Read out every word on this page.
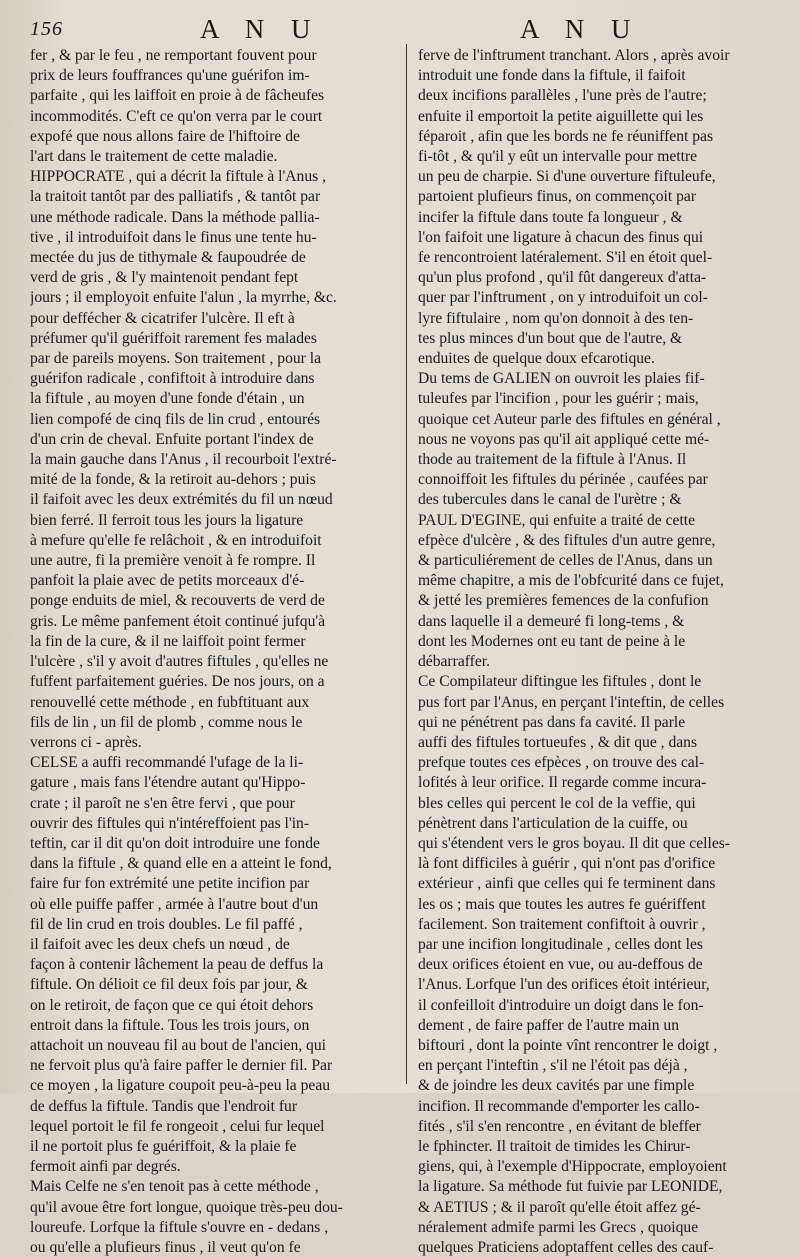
156	A N U	A N U
fer , & par le feu , ne remportant fouvent pour
prix de leurs fouffrances qu'une guérifon im-
parfaite , qui les laiffoit en proie à de fâcheufes
incommodités. C'eft ce qu'on verra par le court
expofé que nous allons faire de l'hiftoire de
l'art dans le traitement de cette maladie.
HIPPOCRATE , qui a décrit la fiftule à l'Anus ,
la traitoit tantôt par des palliatifs , & tantôt par
une méthode radicale. Dans la méthode pallia-
tive , il introduifoit dans le finus une tente hu-
mectée du jus de tithymale & faupoudrée de
verd de gris , & l'y maintenoit pendant fept
jours ; il employoit enfuite l'alun , la myrrhe, &c.
pour deffécher & cicatrifer l'ulcère. Il eft à
préfumer qu'il guériffoit rarement fes malades
par de pareils moyens. Son traitement , pour la
guérifon radicale , confiftoit à introduire dans
la fiftule , au moyen d'une fonde d'étain , un
lien compofé de cinq fils de lin crud , entourés
d'un crin de cheval. Enfuite portant l'index de
la main gauche dans l'Anus , il recourboit l'extré-
mité de la fonde, & la retiroit au-dehors ; puis
il faifoit avec les deux extrémités du fil un nœud
bien ferré. Il ferroit tous les jours la ligature
à mefure qu'elle fe relâchoit , & en introduifoit
une autre, fi la première venoit à fe rompre. Il
panfoit la plaie avec de petits morceaux d'é-
ponge enduits de miel, & recouverts de verd de
gris. Le même panfement étoit continué jufqu'à
la fin de la cure, & il ne laiffoit point fermer
l'ulcère , s'il y avoit d'autres fiftules , qu'elles ne
fuffent parfaitement guéries. De nos jours, on a
renouvellé cette méthode , en fubftituant aux
fils de lin , un fil de plomb , comme nous le
verrons ci - après.
CELSE a auffi recommandé l'ufage de la li-
gature , mais fans l'étendre autant qu'Hippo-
crate ; il paroît ne s'en être fervi , que pour
ouvrir des fiftules qui n'intéreffoient pas l'in-
teftin, car il dit qu'on doit introduire une fonde
dans la fiftule , & quand elle en a atteint le fond,
faire fur fon extrémité une petite incifion par
où elle puiffe paffer , armée à l'autre bout d'un
fil de lin crud en trois doubles. Le fil paffé ,
il faifoit avec les deux chefs un nœud , de
façon à contenir lâchement la peau de deffus la
fiftule. On délioit ce fil deux fois par jour, &
on le retiroit, de façon que ce qui étoit dehors
entroit dans la fiftule. Tous les trois jours, on
attachoit un nouveau fil au bout de l'ancien, qui
ne fervoit plus qu'à faire paffer le dernier fil. Par
ce moyen , la ligature coupoit peu-à-peu la peau
de deffus la fiftule. Tandis que l'endroit fur
lequel portoit le fil fe rongeoit , celui fur lequel
il ne portoit plus fe guériffoit, & la plaie fe
fermoit ainfi par degrés.
Mais Celfe ne s'en tenoit pas à cette méthode ,
qu'il avoue être fort longue, quoique très-peu dou-
loureufe. Lorfque la fiftule s'ouvre en - dedans ,
ou qu'elle a plufieurs finus , il veut qu'on fe
ferve de l'inftrument tranchant. Alors , après avoir
introduit une fonde dans la fiftule, il faifoit
deux incifions parallèles , l'une près de l'autre;
enfuite il emportoit la petite aiguillette qui les
féparoit , afin que les bords ne fe réuniffent pas
fi-tôt , & qu'il y eût un intervalle pour mettre
un peu de charpie. Si d'une ouverture fiftuleufe,
partoient plufieurs finus, on commençoit par
incifer la fiftule dans toute fa longueur , &
l'on faifoit une ligature à chacun des finus qui
fe rencontroient latéralement. S'il en étoit quel-
qu'un plus profond , qu'il fût dangereux d'atta-
quer par l'inftrument , on y introduifoit un col-
lyre fiftulaire , nom qu'on donnoit à des ten-
tes plus minces d'un bout que de l'autre, &
enduites de quelque doux efcarotique.
Du tems de GALIEN on ouvroit les plaies fif-
tuleufes par l'incifion , pour les guérir ; mais,
quoique cet Auteur parle des fiftules en général ,
nous ne voyons pas qu'il ait appliqué cette mé-
thode au traitement de la fiftule à l'Anus. Il
connoiffoit les fiftules du périnée , caufées par
des tubercules dans le canal de l'urètre ; &
PAUL D'EGINE, qui enfuite a traité de cette
efpèce d'ulcère , & des fiftules d'un autre genre,
& particuliérement de celles de l'Anus, dans un
même chapitre, a mis de l'obfcurité dans ce fujet,
& jetté les premières femences de la confufion
dans laquelle il a demeuré fi long-tems , &
dont les Modernes ont eu tant de peine à le
débarraffer.
Ce Compilateur diftingue les fiftules , dont le
pus fort par l'Anus, en perçant l'inteftin, de celles
qui ne pénétrent pas dans fa cavité. Il parle
auffi des fiftules tortueufes , & dit que , dans
prefque toutes ces efpèces , on trouve des cal-
lofités à leur orifice. Il regarde comme incura-
bles celles qui percent le col de la veffie, qui
pénètrent dans l'articulation de la cuiffe, ou
qui s'étendent vers le gros boyau. Il dit que celles-
là font difficiles à guérir , qui n'ont pas d'orifice
extérieur , ainfi que celles qui fe terminent dans
les os ; mais que toutes les autres fe guériffent
facilement. Son traitement confiftoit à ouvrir ,
par une incifion longitudinale , celles dont les
deux orifices étoient en vue, ou au-deffous de
l'Anus. Lorfque l'un des orifices étoit intérieur,
il confeilloit d'introduire un doigt dans le fon-
dement , de faire paffer de l'autre main un
biftouri , dont la pointe vînt rencontrer le doigt ,
en perçant l'inteftin , s'il ne l'étoit pas déjà ,
& de joindre les deux cavités par une fimple
incifion. Il recommande d'emporter les callo-
fités , s'il s'en rencontre , en évitant de bleffer
le fphincter. Il traitoit de timides les Chirur-
giens, qui, à l'exemple d'Hippocrate, employoient
la ligature. Sa méthode fut fuivie par LEONIDE,
& AETIUS ; & il paroît qu'elle étoit affez gé-
néralement admife parmi les Grecs , quoique
quelques Praticiens adoptaffent celles des cauf-
